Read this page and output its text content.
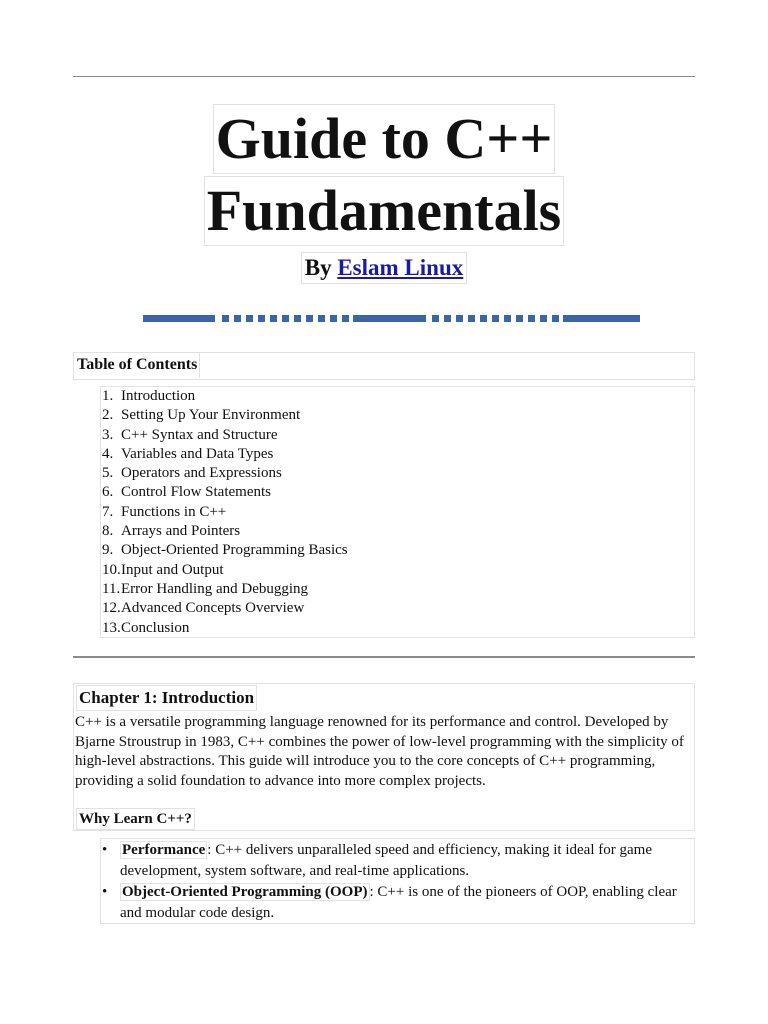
Guide to C++
Fundamentals
By Eslam Linux
Table of Contents
1. Introduction
2. Setting Up Your Environment
3. C++ Syntax and Structure
4. Variables and Data Types
5. Operators and Expressions
6. Control Flow Statements
7. Functions in C++
8. Arrays and Pointers
9. Object-Oriented Programming Basics
10.Input and Output
11.Error Handling and Debugging
12.Advanced Concepts Overview
13.Conclusion
Chapter 1: Introduction

C++ is a versatile programming language renowned for its performance and control. Developed by Bjarne Stroustrup in 1983, C++ combines the power of low-level programming with the simplicity of high-level abstractions. This guide will introduce you to the core concepts of C++ programming, providing a solid foundation to advance into more complex projects.

Why Learn C++?
• Performance : C++ delivers unparalleled speed and efficiency, making it ideal for game development, system software, and real-time applications.
• Object-Oriented Programming (OOP) : C++ is one of the pioneers of OOP, enabling clear and modular code design.
